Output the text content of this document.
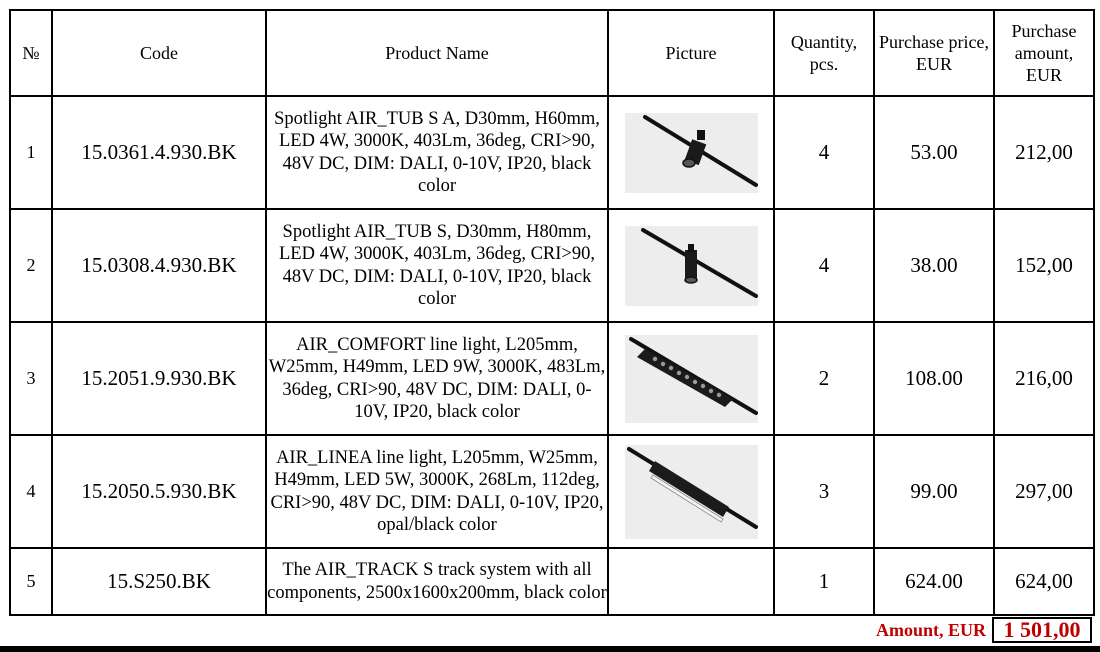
№	Code	Product Name	Picture	Quantity, pcs.	Purchase price, EUR	Purchase amount, EUR
1	15.0361.4.930.BK	Spotlight AIR_TUB S A, D30mm, H60mm, LED 4W, 3000K, 403Lm, 36deg, CRI>90, 48V DC, DIM: DALI, 0-10V, IP20, black color		4	53.00	212,00
2	15.0308.4.930.BK	Spotlight AIR_TUB S, D30mm, H80mm, LED 4W, 3000K, 403Lm, 36deg, CRI>90, 48V DC, DIM: DALI, 0-10V, IP20, black color		4	38.00	152,00
3	15.2051.9.930.BK	AIR_COMFORT line light, L205mm, W25mm, H49mm, LED 9W, 3000K, 483Lm, 36deg, CRI>90, 48V DC, DIM: DALI, 0-10V, IP20, black color		2	108.00	216,00
4	15.2050.5.930.BK	AIR_LINEA line light, L205mm, W25mm, H49mm, LED 5W, 3000K, 268Lm, 112deg, CRI>90, 48V DC, DIM: DALI, 0-10V, IP20, opal/black color		3	99.00	297,00
5	15.S250.BK	The AIR_TRACK S track system with all components, 2500x1600x200mm, black color		1	624.00	624,00
Amount, EUR 1 501,00
